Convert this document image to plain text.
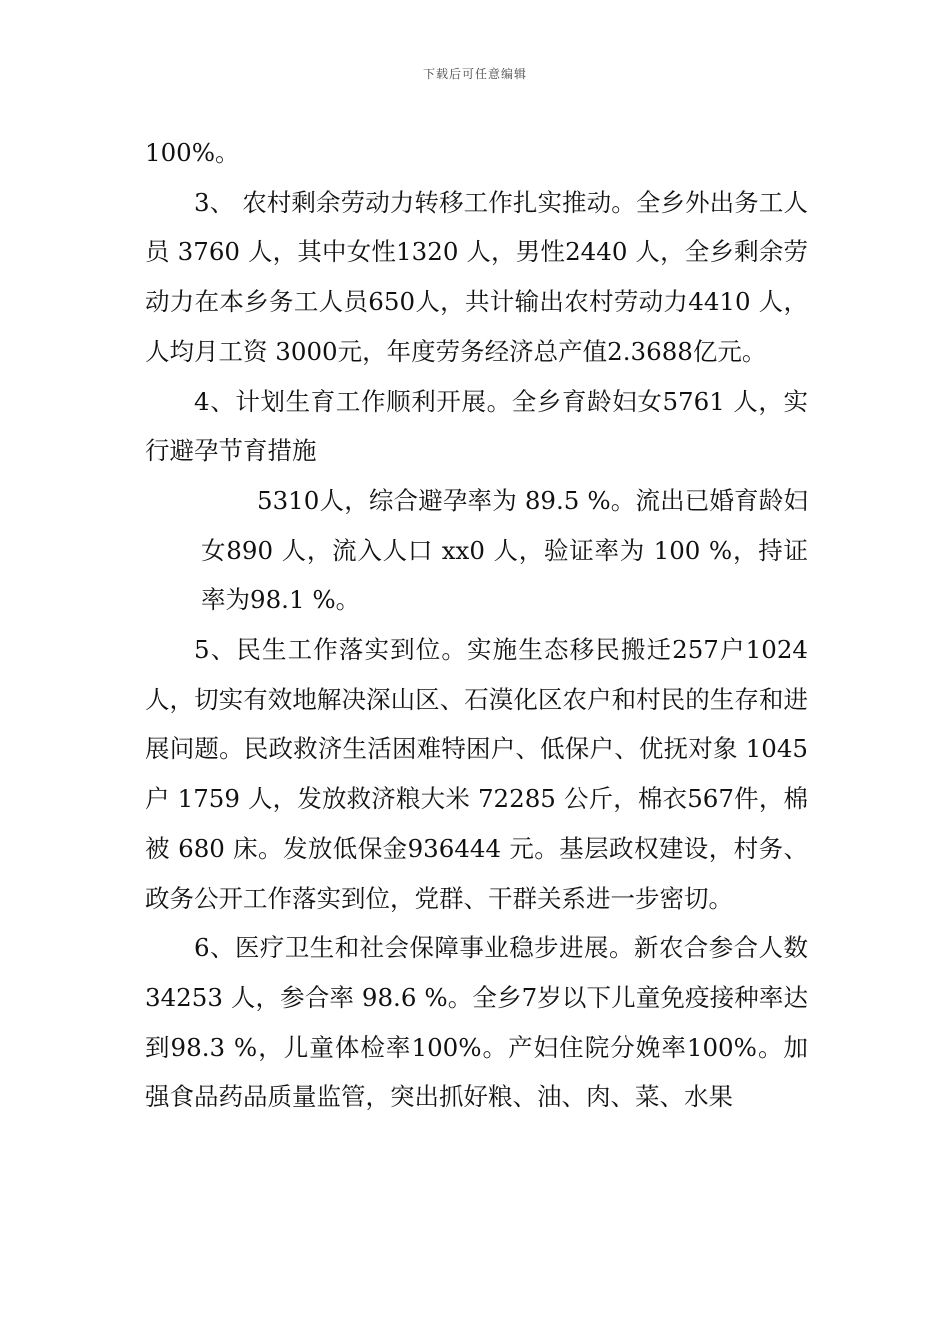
下载后可任意编辑

100%。

3、 农村剩余劳动力转移工作扎实推动。全乡外出务工人员 3760 人，其中女性1320 人，男性2440 人，全乡剩余劳动力在本乡务工人员650人，共计输出农村劳动力4410 人，人均月工资 3000元，年度劳务经济总产值2.3688亿元。

4、计划生育工作顺利开展。全乡育龄妇女5761 人，实行避孕节育措施

5310人，综合避孕率为 89.5 %。流出已婚育龄妇女890 人，流入人口 xx0 人，验证率为 100 %，持证率为98.1 %。

5、民生工作落实到位。实施生态移民搬迁257户1024人，切实有效地解决深山区、石漠化区农户和村民的生存和进展问题。民政救济生活困难特困户、低保户、优抚对象 1045户 1759 人，发放救济粮大米 72285 公斤，棉衣567件，棉被 680 床。发放低保金936444 元。基层政权建设，村务、政务公开工作落实到位，党群、干群关系进一步密切。

6、医疗卫生和社会保障事业稳步进展。新农合参合人数34253 人，参合率 98.6 %。全乡7岁以下儿童免疫接种率达到98.3 %，儿童体检率100%。产妇住院分娩率100%。加强食品药品质量监管，突出抓好粮、油、肉、菜、水果
